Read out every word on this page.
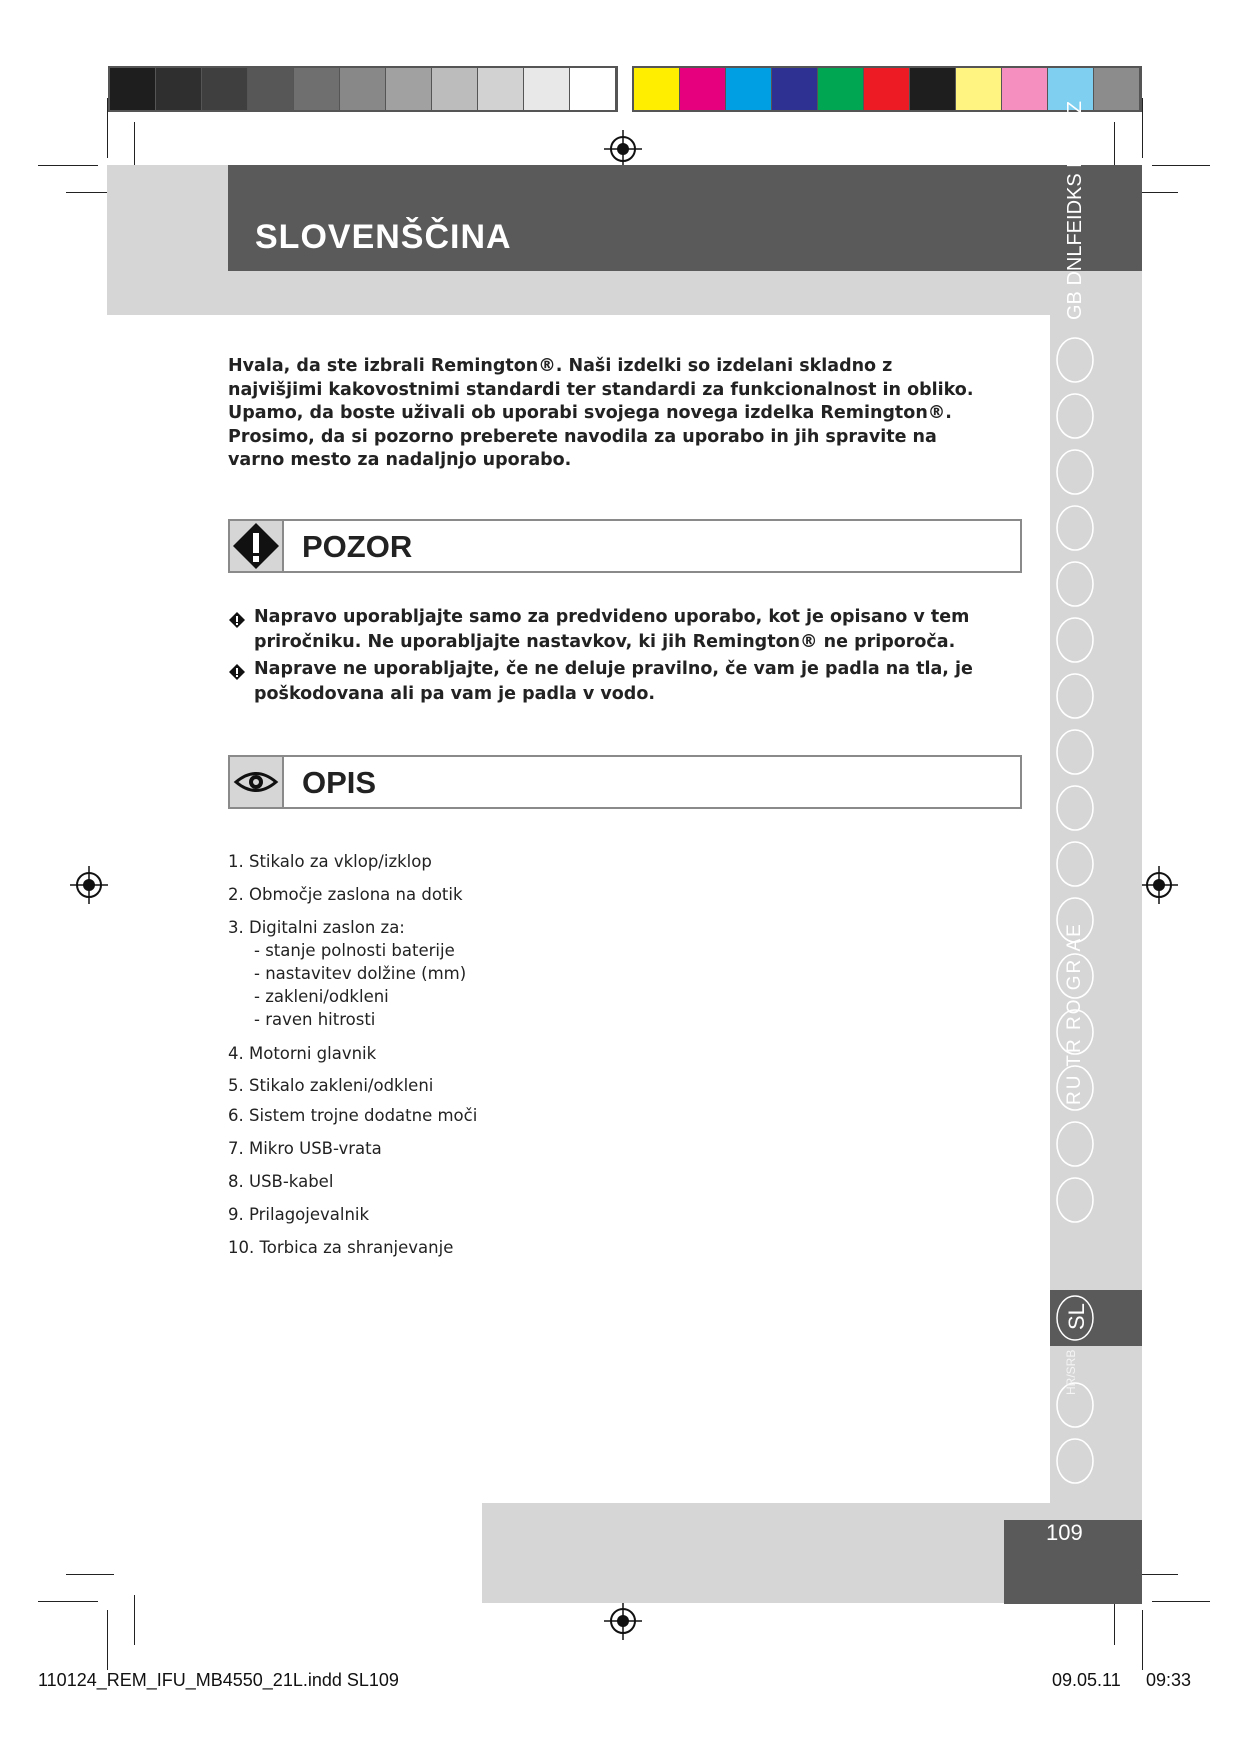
SLOVENŠČINA	GB DNLFEIDKS PSKCZ
RU TR RO GR AE
SL
HR/SRB
109

Hvala, da ste izbrali Remington®. Naši izdelki so izdelani skladno z najvišjimi kakovostnimi standardi ter standardi za funkcionalnost in obliko.

Upamo, da boste uživali ob uporabi svojega novega izdelka Remington®.

Prosimo, da si pozorno preberete navodila za uporabo in jih spravite na varno mesto za nadaljnjo uporabo.

POZOR
Napravo uporabljajte samo za predvideno uporabo, kot je opisano v tem priročniku. Ne uporabljajte nastavkov, ki jih Remington® ne priporoča.
Naprave ne uporabljajte, če ne deluje pravilno, če vam je padla na tla, je poškodovana ali pa vam je padla v vodo.
OPIS
1. Stikalo za vklop/izklop
2. Območje zaslona na dotik
3. Digitalni zaslon za:
- stanje polnosti baterije
- nastavitev dolžine (mm)
- zakleni/odkleni
- raven hitrosti
4. Motorni glavnik
5. Stikalo zakleni/odkleni
6. Sistem trojne dodatne moči
7. Mikro USB-vrata
8. USB-kabel
9. Prilagojevalnik
10. Torbica za shranjevanje
110124_REM_IFU_MB4550_21L.indd SL109	09.05.11 09:33
